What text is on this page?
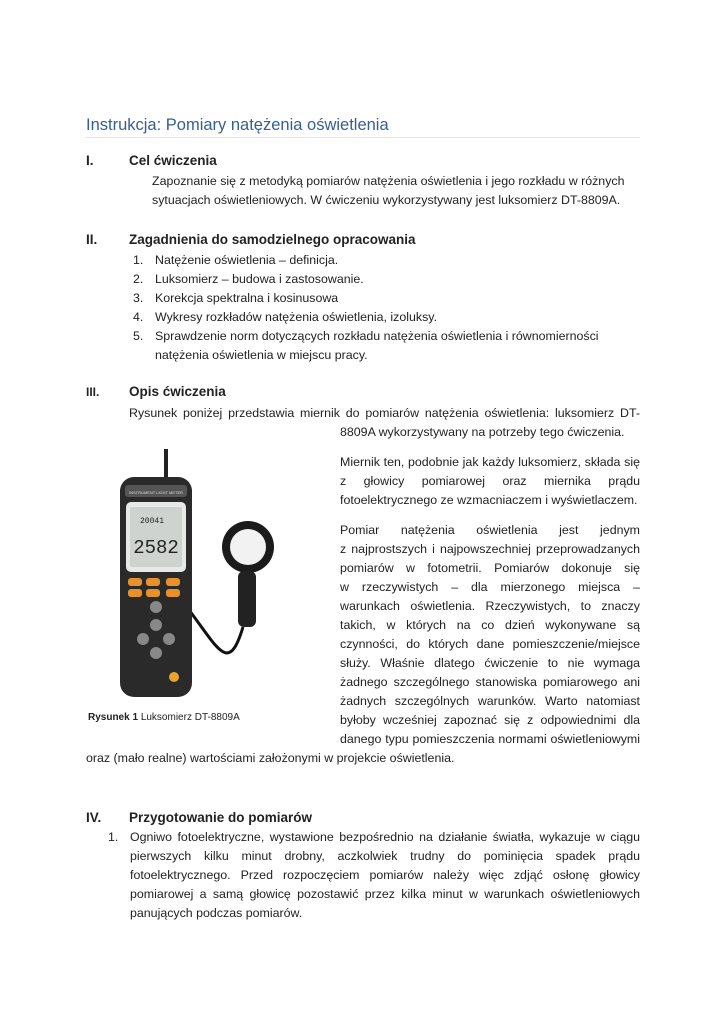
Instrukcja: Pomiary natężenia oświetlenia
I.	Cel ćwiczenia
Zapoznanie się z metodyką pomiarów natężenia oświetlenia i jego rozkładu w różnych sytuacjach oświetleniowych. W ćwiczeniu wykorzystywany jest luksomierz DT-8809A.
II. Zagadnienia do samodzielnego opracowania
1. Natężenie oświetlenia – definicja.
2. Luksomierz – budowa i zastosowanie.
3. Korekcja spektralna i kosinusowa
4. Wykresy rozkładów natężenia oświetlenia, izoluksy.
5. Sprawdzenie norm dotyczących rozkładu natężenia oświetlenia i równomierności natężenia oświetlenia w miejscu pracy.
III. Opis ćwiczenia
Rysunek poniżej przedstawia miernik do pomiarów natężenia oświetlenia: luksomierz DT-
8809A wykorzystywany na potrzeby tego ćwiczenia.
Miernik ten, podobnie jak każdy luksomierz, składa się z głowicy pomiarowej oraz miernika prądu fotoelektrycznego ze wzmacniaczem i wyświetlaczem.
Pomiar natężenia oświetlenia jest jednym
z najprostszych i najpowszechniej przeprowadzanych
pomiarów w fotometrii. Pomiarów dokonuje się
w rzeczywistych – dla mierzonego miejsca –
warunkach oświetlenia. Rzeczywistych, to znaczy
takich, w których na co dzień wykonywane są
czynności, do których dane pomieszczenie/miejsce
służy. Właśnie dlatego ćwiczenie to nie wymaga
żadnego szczególnego stanowiska pomiarowego ani
żadnych szczególnych warunków. Warto natomiast
byłoby wcześniej zapoznać się z odpowiednimi dla
danego typu pomieszczenia normami oświetleniowymi
oraz (mało realne) wartościami założonymi w projekcie oświetlenia.
INSTRUMENT LIGHT METER
20041
2582
Rysunek 1 Luksomierz DT-8809A
IV. Przygotowanie do pomiarów
1. Ogniwo fotoelektryczne, wystawione bezpośrednio na działanie światła, wykazuje w ciągu pierwszych kilku minut drobny, aczkolwiek trudny do pominięcia spadek prądu fotoelektrycznego. Przed rozpoczęciem pomiarów należy więc zdjąć osłonę głowicy pomiarowej a samą głowicę pozostawić przez kilka minut w warunkach oświetleniowych panujących podczas pomiarów.
